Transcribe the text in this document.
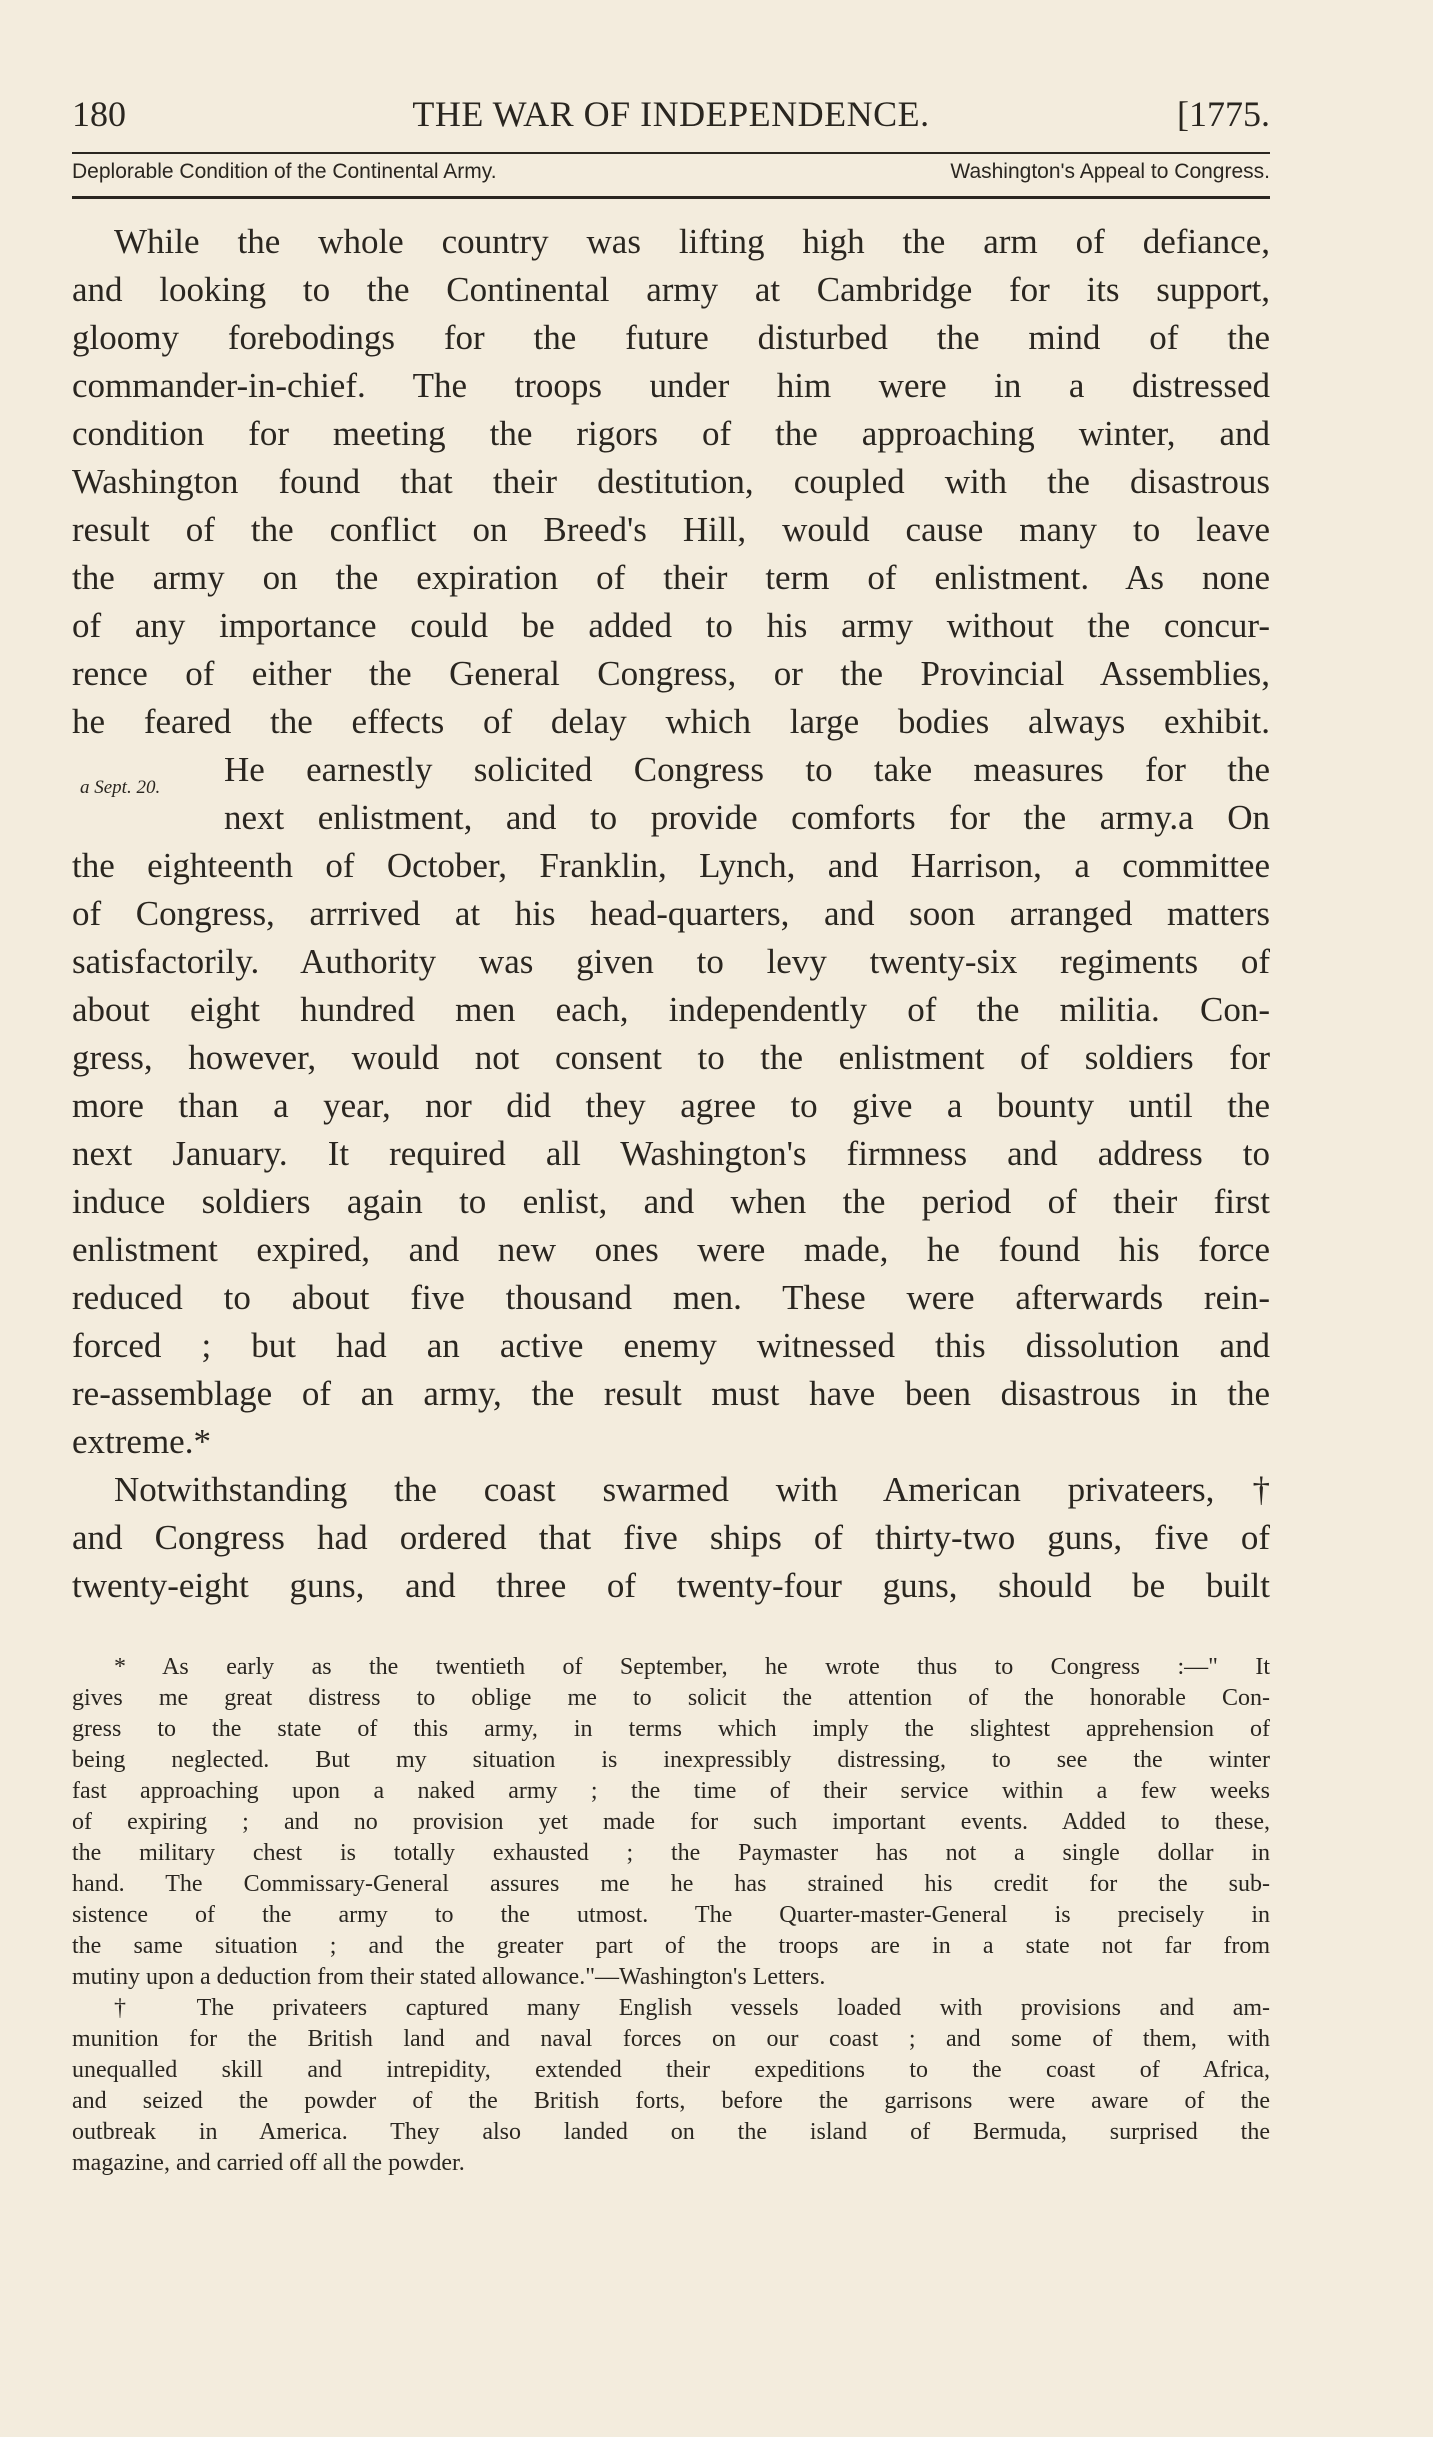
180	THE WAR OF INDEPENDENCE.	[1775.
Deplorable Condition of the Continental Army.	Washington's Appeal to Congress.
a Sept. 20.
While the whole country was lifting high the arm of defiance,
and looking to the Continental army at Cambridge for its support,
gloomy forebodings for the future disturbed the mind of the
commander-in-chief. The troops under him were in a distressed
condition for meeting the rigors of the approaching winter, and
Washington found that their destitution, coupled with the disastrous
result of the conflict on Breed's Hill, would cause many to leave
the army on the expiration of their term of enlistment. As none
of any importance could be added to his army without the concur-
rence of either the General Congress, or the Provincial Assemblies,
he feared the effects of delay which large bodies always exhibit.
He earnestly solicited Congress to take measures for the
next enlistment, and to provide comforts for the army.a On
the eighteenth of October, Franklin, Lynch, and Harrison, a committee
of Congress, arrrived at his head-quarters, and soon arranged matters
satisfactorily. Authority was given to levy twenty-six regiments of
about eight hundred men each, independently of the militia. Con-
gress, however, would not consent to the enlistment of soldiers for
more than a year, nor did they agree to give a bounty until the
next January. It required all Washington's firmness and address to
induce soldiers again to enlist, and when the period of their first
enlistment expired, and new ones were made, he found his force
reduced to about five thousand men. These were afterwards rein-
forced ; but had an active enemy witnessed this dissolution and
re-assemblage of an army, the result must have been disastrous in the
extreme.*
Notwithstanding the coast swarmed with American privateers,†
and Congress had ordered that five ships of thirty-two guns, five of
twenty-eight guns, and three of twenty-four guns, should be built
* As early as the twentieth of September, he wrote thus to Congress :—" It
gives me great distress to oblige me to solicit the attention of the honorable Con-
gress to the state of this army, in terms which imply the slightest apprehension of
being neglected. But my situation is inexpressibly distressing, to see the winter
fast approaching upon a naked army ; the time of their service within a few weeks
of expiring ; and no provision yet made for such important events. Added to these,
the military chest is totally exhausted ; the Paymaster has not a single dollar in
hand. The Commissary-General assures me he has strained his credit for the sub-
sistence of the army to the utmost. The Quarter-master-General is precisely in
the same situation ; and the greater part of the troops are in a state not far from
mutiny upon a deduction from their stated allowance."—Washington's Letters.
† The privateers captured many English vessels loaded with provisions and am-
munition for the British land and naval forces on our coast ; and some of them, with
unequalled skill and intrepidity, extended their expeditions to the coast of Africa,
and seized the powder of the British forts, before the garrisons were aware of the
outbreak in America. They also landed on the island of Bermuda, surprised the
magazine, and carried off all the powder.
